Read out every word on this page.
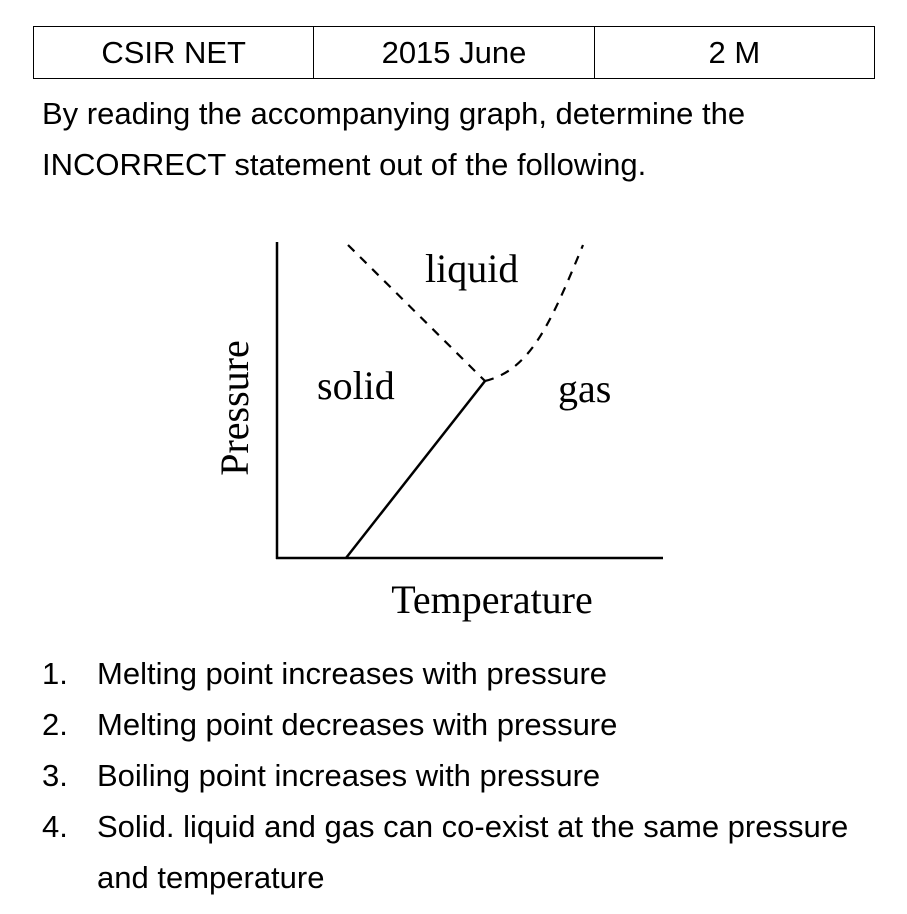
CSIR NET	2015 June	2 M

By reading the accompanying graph, determine the INCORRECT statement out of the following.

liquid
solid	gas
Temperature
Pressure
1. Melting point increases with pressure
2. Melting point decreases with pressure
3. Boiling point increases with pressure
4. Solid. liquid and gas can co-exist at the same pressure and temperature
